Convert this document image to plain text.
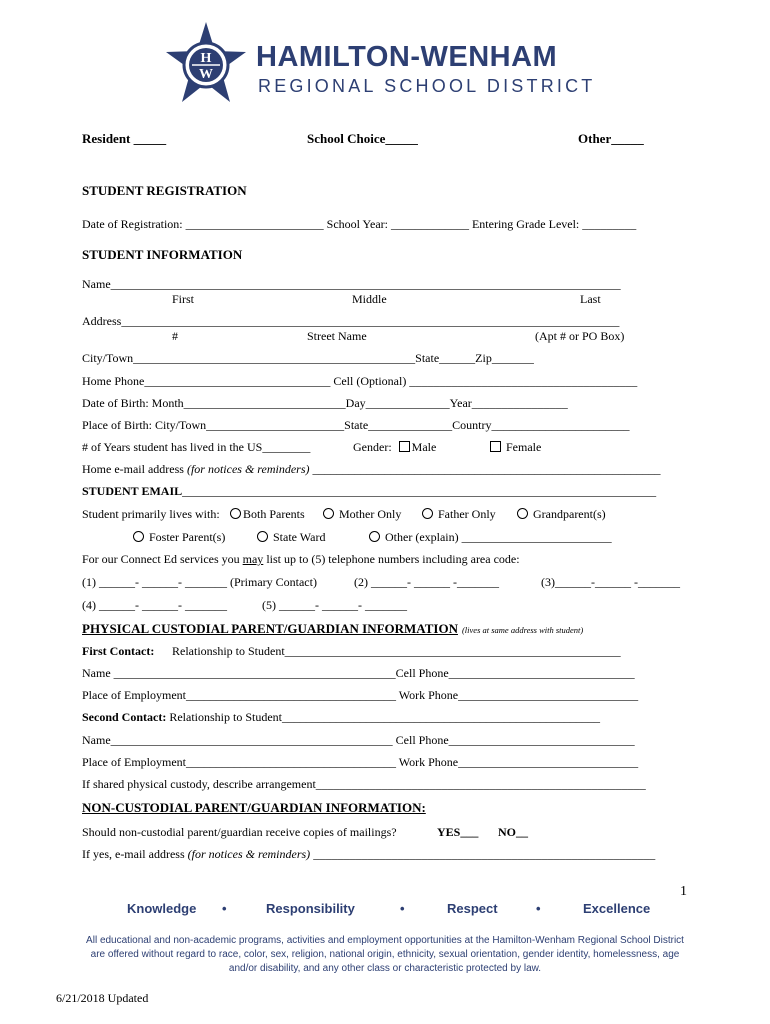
H
W
HAMILTON-WENHAM
REGIONAL SCHOOL DISTRICT
Resident _____	School Choice_____	Other_____
STUDENT REGISTRATION
Date of Registration: _______________________ School Year: _____________ Entering Grade Level: _________
STUDENT INFORMATION
Name_____________________________________________________________________________________
First	Middle	Last
Address___________________________________________________________________________________
#	Street Name	(Apt # or PO Box)
City/Town_______________________________________________State______Zip_______
Home Phone_______________________________ Cell (Optional) ______________________________________
Date of Birth: Month___________________________Day______________Year________________
Place of Birth: City/Town_______________________State______________Country_______________________
# of Years student has lived in the US________	Gender: Male	Female
Home e-mail address (for notices & reminders) __________________________________________________________
STUDENT EMAIL_______________________________________________________________________________
Student primarily lives with:	Both Parents	Mother Only	Father Only	Grandparent(s)
Foster Parent(s)	State Ward	Other (explain) _________________________
For our Connect Ed services you may list up to (5) telephone numbers including area code:
(1) ______- ______- _______ (Primary Contact)	(2) ______- ______ -_______	(3)______-______ -_______
(4) ______- ______- _______	(5) ______- ______- _______
PHYSICAL CUSTODIAL PARENT/GUARDIAN INFORMATION (lives at same address with student)
First Contact: Relationship to Student________________________________________________________
Name _______________________________________________Cell Phone_______________________________
Place of Employment___________________________________ Work Phone______________________________
Second Contact: Relationship to Student_____________________________________________________
Name_______________________________________________ Cell Phone_______________________________
Place of Employment___________________________________ Work Phone______________________________
If shared physical custody, describe arrangement_______________________________________________________
NON-CUSTODIAL PARENT/GUARDIAN INFORMATION:
Should non-custodial parent/guardian receive copies of mailings?	YES___ NO__
If yes, e-mail address (for notices & reminders) _________________________________________________________
1
Knowledge •	Responsibility	•	Respect	•	Excellence
All educational and non-academic programs, activities and employment opportunities at the Hamilton-Wenham Regional School District are offered without regard to race, color, sex, religion, national origin, ethnicity, sexual orientation, gender identity, homelessness, age and/or disability, and any other class or characteristic protected by law.
6/21/2018 Updated
